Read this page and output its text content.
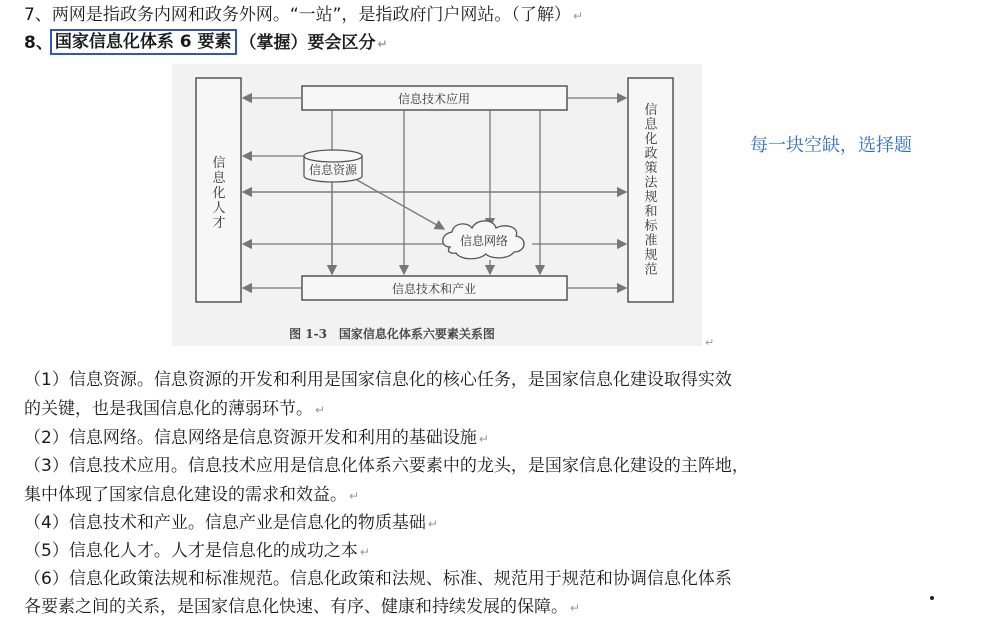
7、两网是指政务内网和政务外网。“一站”，是指政府门户网站。（了解） ↵
8、 国家信息化体系 6 要素 （掌握）要会区分 ↵
信息化政策法规和标准规范
信息化人才
信息技术应用
信息技术和产业
信息资源
信息网络
图 1-3　国家信息化体系六要素关系图
↵
每一块空缺，选择题
（1）信息资源。信息资源的开发和利用是国家信息化的核心任务，是国家信息化建设取得实效
的关键，也是我国信息化的薄弱环节。 ↵
（2）信息网络。信息网络是信息资源开发和利用的基础设施 ↵
（3）信息技术应用。信息技术应用是信息化体系六要素中的龙头，是国家信息化建设的主阵地，
集中体现了国家信息化建设的需求和效益。 ↵
（4）信息技术和产业。信息产业是信息化的物质基础 ↵
（5）信息化人才。人才是信息化的成功之本 ↵
（6）信息化政策法规和标准规范。信息化政策和法规、标准、规范用于规范和协调信息化体系
各要素之间的关系，是国家信息化快速、有序、健康和持续发展的保障。 ↵
